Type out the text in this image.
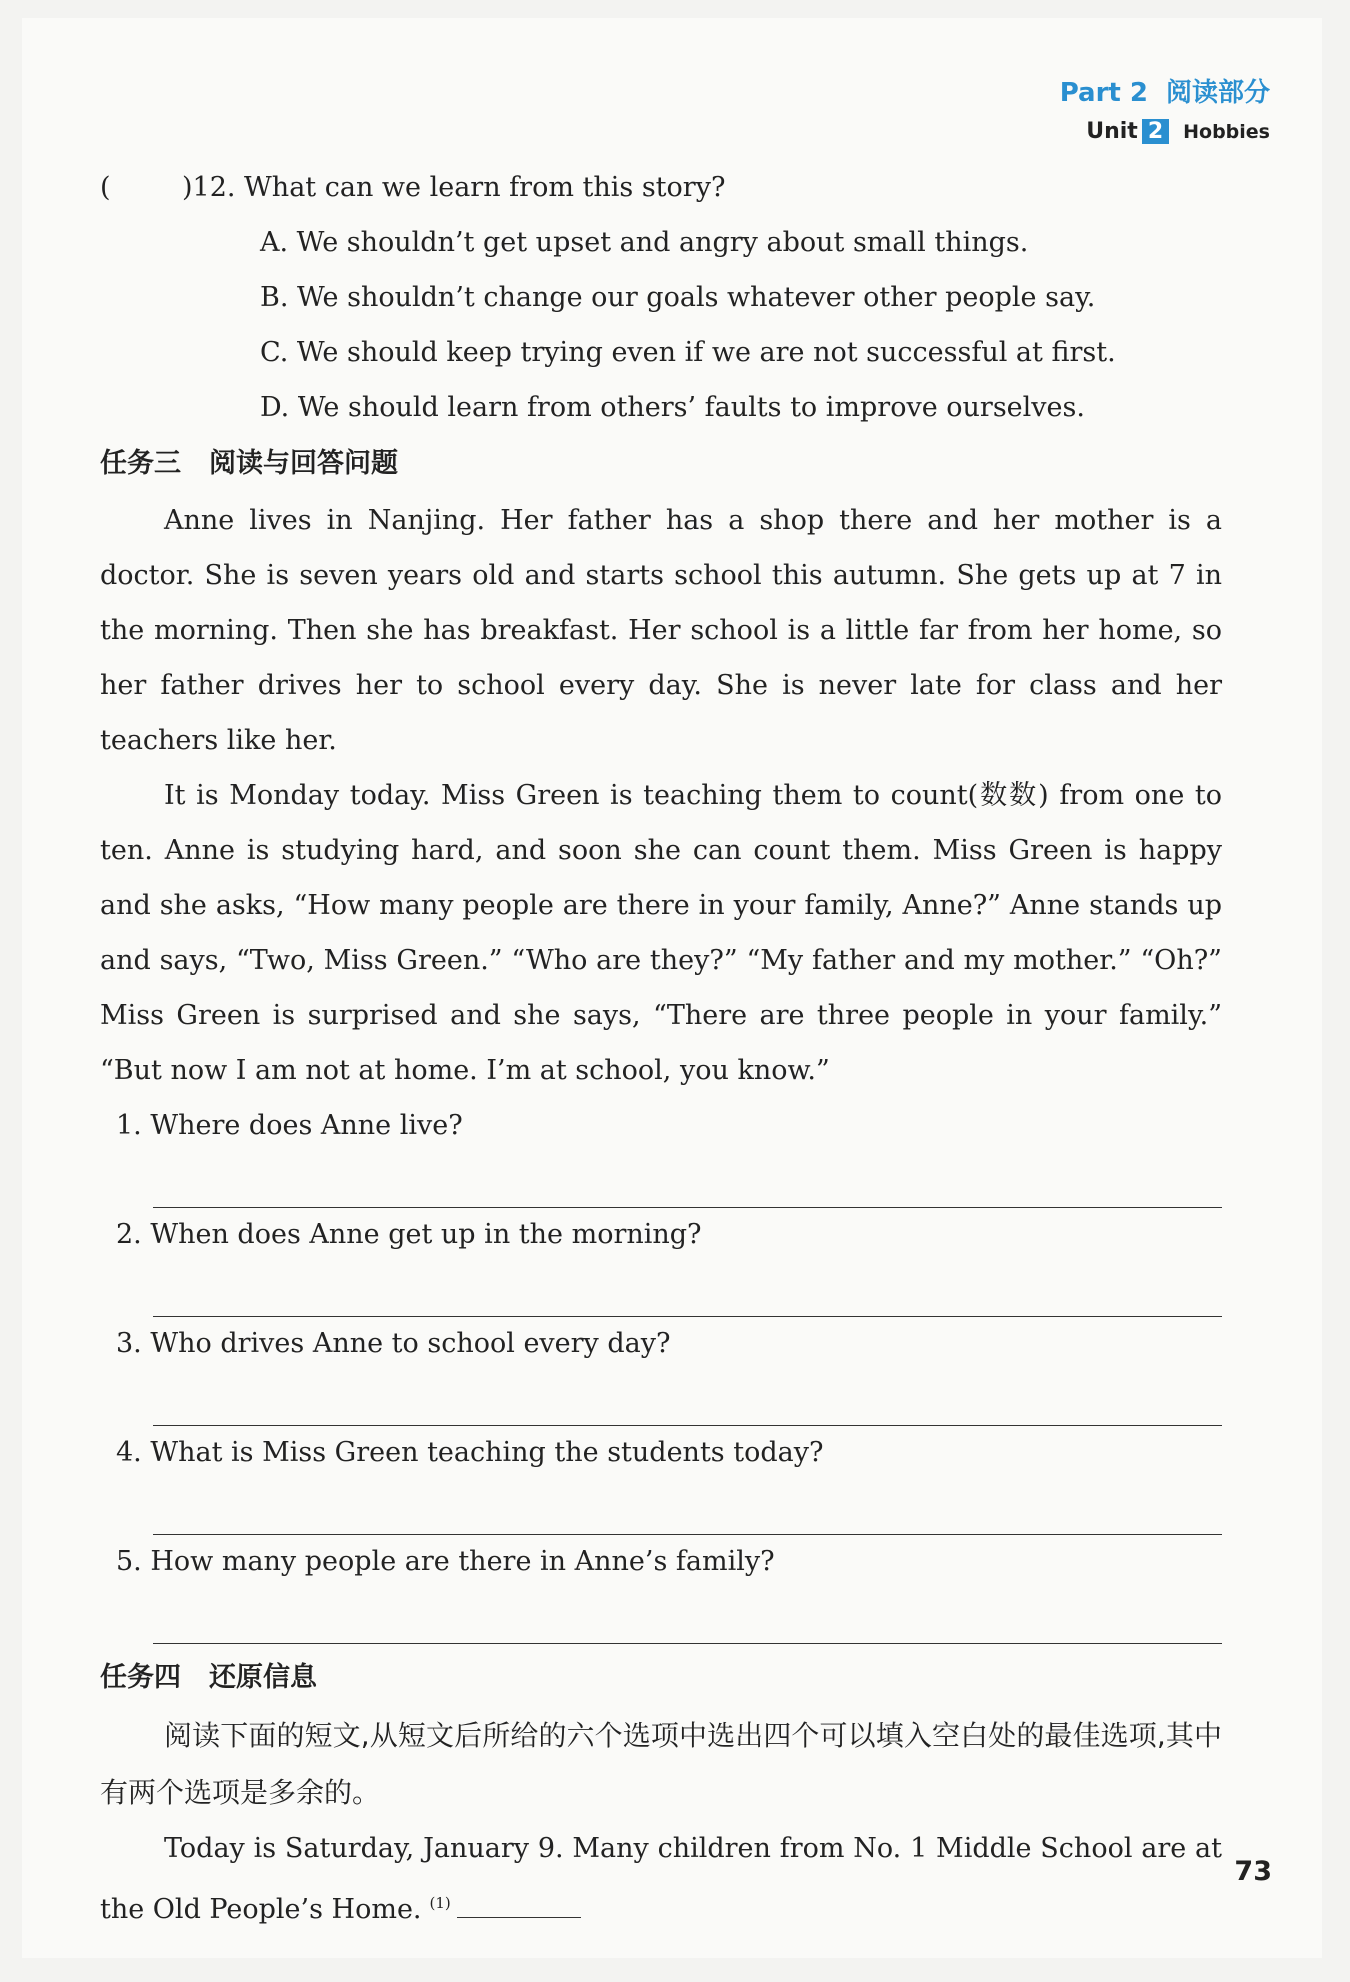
Part 2 阅读部分
Unit 2 Hobbies
(	)12. What can we learn from this story?
A. We shouldn’t get upset and angry about small things.
B. We shouldn’t change our goals whatever other people say.
C. We should keep trying even if we are not successful at first.
D. We should learn from others’ faults to improve ourselves.
任务三 阅读与回答问题

Anne lives in Nanjing. Her father has a shop there and her mother is a doctor. She is seven years old and starts school this autumn. She gets up at 7 in the morning. Then she has breakfast. Her school is a little far from her home, so her father drives her to school every day. She is never late for class and her teachers like her.

It is Monday today. Miss Green is teaching them to count(数数) from one to ten. Anne is studying hard, and soon she can count them. Miss Green is happy and she asks, “How many people are there in your family, Anne?” Anne stands up and says, “Two, Miss Green.” “Who are they?” “My father and my mother.” “Oh?” Miss Green is surprised and she says, “There are three people in your family.” “But now I am not at home. I’m at school, you know.”

1. Where does Anne live?
2. When does Anne get up in the morning?
3. Who drives Anne to school every day?
4. What is Miss Green teaching the students today?
5. How many people are there in Anne’s family?
任务四 还原信息

阅读下面的短文,从短文后所给的六个选项中选出四个可以填入空白处的最佳选项,其中有两个选项是多余的。

Today is Saturday, January 9. Many children from No. 1 Middle School are at the Old People’s Home. $^{(1)}$

73
